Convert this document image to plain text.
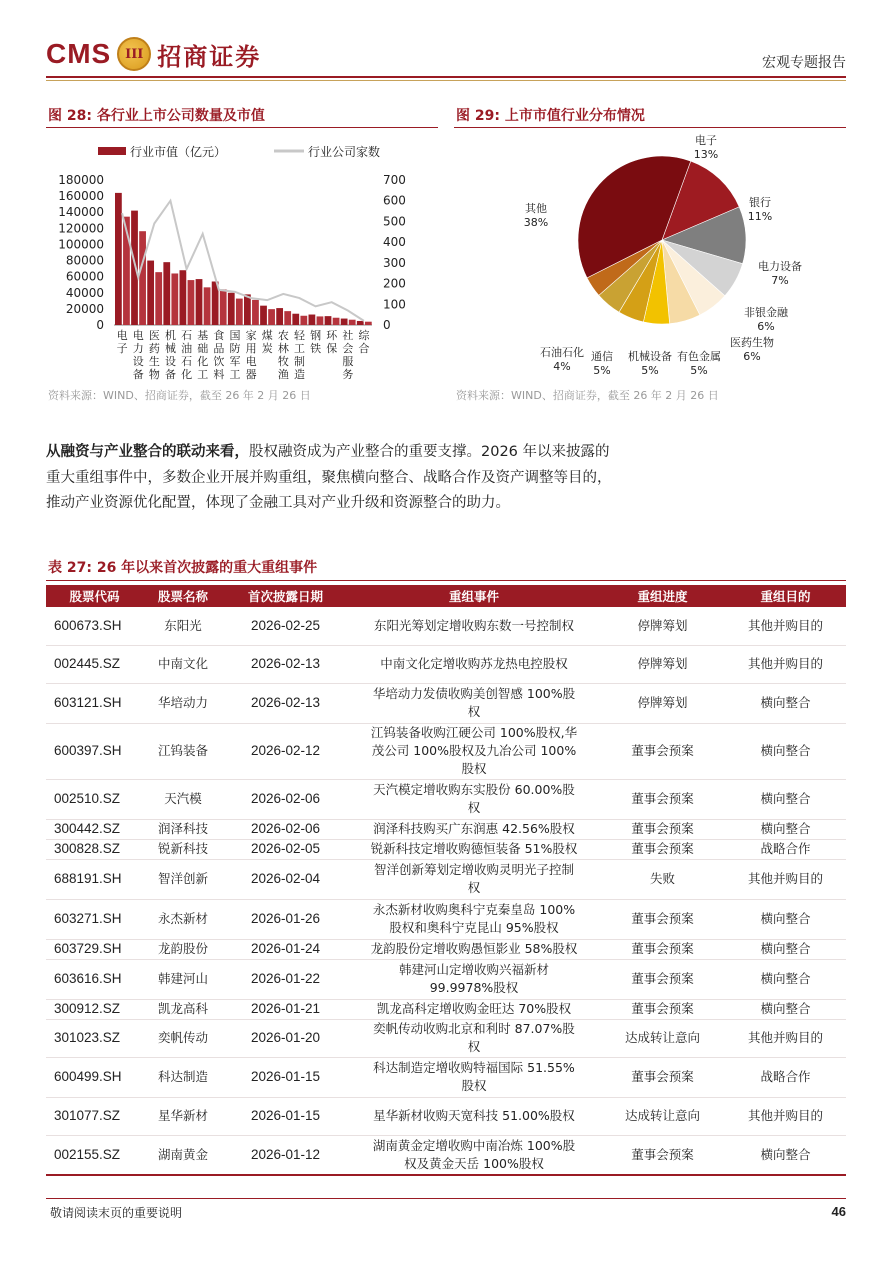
CMS	III 招商证券	宏观专题报告
图 28: 各行业上市公司数量及市值
行业市值（亿元）	行业公司家数
180000
160000
140000
120000
100000
80000
60000
40000
20000
0
700
600
500
400
300
200
100
0
电子
电力设备
医药生物
机械设备
石油石化
基础化工
食品饮料
国防军工
家用电器
煤炭
农林牧渔
轻工制造
钢铁
环保
社会服务
综合
资料来源：WIND、招商证券，截至 26 年 2 月 26 日
图 29: 上市市值行业分布情况
电子
13%
银行
11%
电力设备
7%
非银金融
6%
医药生物
6%
有色金属
5%
机械设备
5%
通信
5%
石油石化
4%
其他
38%
资料来源：WIND、招商证券，截至 26 年 2 月 26 日
从融资与产业整合的联动来看，股权融资成为产业整合的重要支撑。2026 年以来披露的重大重组事件中，多数企业开展并购重组，聚焦横向整合、战略合作及资产调整等目的，推动产业资源优化配置，体现了金融工具对产业升级和资源整合的助力。
表 27: 26 年以来首次披露的重大重组事件
股票代码	股票名称	首次披露日期	重组事件	重组进度	重组目的
600673.SH	东阳光	2026-02-25	东阳光筹划定增收购东数一号控制权	停牌筹划	其他并购目的
002445.SZ	中南文化	2026-02-13	中南文化定增收购苏龙热电控股权	停牌筹划	其他并购目的
603121.SH	华培动力	2026-02-13	华培动力发债收购美创智感 100%股权	停牌筹划	横向整合
600397.SH	江钨装备	2026-02-12	江钨装备收购江硬公司 100%股权,华茂公司 100%股权及九冶公司 100%股权	董事会预案	横向整合
002510.SZ	天汽模	2026-02-06	天汽模定增收购东实股份 60.00%股权	董事会预案	横向整合
300442.SZ	润泽科技	2026-02-06	润泽科技购买广东润惠 42.56%股权	董事会预案	横向整合
300828.SZ	锐新科技	2026-02-05	锐新科技定增收购德恒装备 51%股权	董事会预案	战略合作
688191.SH	智洋创新	2026-02-04	智洋创新筹划定增收购灵明光子控制权	失败	其他并购目的
603271.SH	永杰新材	2026-01-26	永杰新材收购奥科宁克秦皇岛 100%股权和奥科宁克昆山 95%股权	董事会预案	横向整合
603729.SH	龙韵股份	2026-01-24	龙韵股份定增收购愚恒影业 58%股权	董事会预案	横向整合
603616.SH	韩建河山	2026-01-22	韩建河山定增收购兴福新材 99.9978%股权	董事会预案	横向整合
300912.SZ	凯龙高科	2026-01-21	凯龙高科定增收购金旺达 70%股权	董事会预案	横向整合
301023.SZ	奕帆传动	2026-01-20	奕帆传动收购北京和利时 87.07%股权	达成转让意向	其他并购目的
600499.SH	科达制造	2026-01-15	科达制造定增收购特福国际 51.55%股权	董事会预案	战略合作
301077.SZ	星华新材	2026-01-15	星华新材收购天宽科技 51.00%股权	达成转让意向	其他并购目的
002155.SZ	湖南黄金	2026-01-12	湖南黄金定增收购中南冶炼 100%股权及黄金天岳 100%股权	董事会预案	横向整合
敬请阅读末页的重要说明	46
